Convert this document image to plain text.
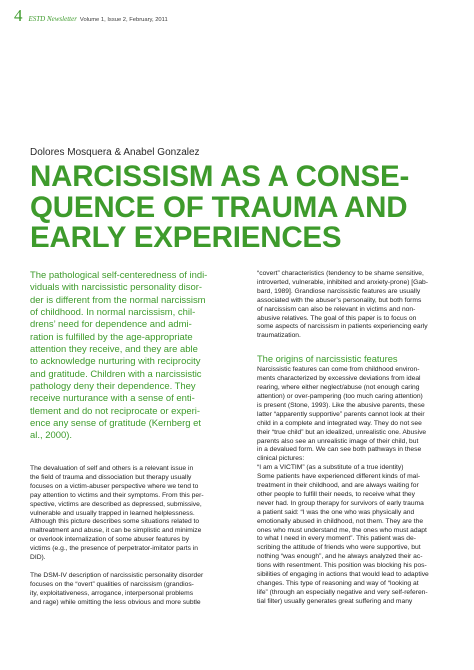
4 ESTD Newsletter Volume 1, Issue 2, February, 2011
Dolores Mosquera & Anabel Gonzalez
NARCISSISM AS A CONSE-
QUENCE OF TRAUMA AND
EARLY EXPERIENCES
The pathological self-centeredness of indi-
viduals with narcissistic personality disor-
der is different from the normal narcissism
of childhood. In normal narcissism, chil-
drens’ need for dependence and admi-
ration is fulfilled by the age-appropriate
attention they receive, and they are able
to acknowledge nurturing with reciprocity
and gratitude. Children with a narcissistic
pathology deny their dependence. They
receive nurturance with a sense of enti-
tlement and do not reciprocate or experi-
ence any sense of gratitude (Kernberg et
al., 2000).
The devaluation of self and others is a relevant issue in
the field of trauma and dissociation but therapy usually
focuses on a victim-abuser perspective where we tend to
pay attention to victims and their symptoms. From this per-
spective, victims are described as depressed, submissive,
vulnerable and usually trapped in learned helplessness.
Although this picture describes some situations related to
maltreatment and abuse, it can be simplistic and minimize
or overlook internalization of some abuser features by
victims (e.g., the presence of perpetrator-imitator parts in
DID).
The DSM-IV description of narcissistic personality disorder
focuses on the “overt” qualities of narcissism (grandios-
ity, exploitativeness, arrogance, interpersonal problems
and rage) while omitting the less obvious and more subtle
“covert” characteristics (tendency to be shame sensitive,
introverted, vulnerable, inhibited and anxiety-prone) [Gab-
bard, 1989]. Grandiose narcissistic features are usually
associated with the abuser’s personality, but both forms
of narcissism can also be relevant in victims and non-
abusive relatives. The goal of this paper is to focus on
some aspects of narcissism in patients experiencing early
traumatization.
The origins of narcissistic features
Narcissistic features can come from childhood environ-
ments characterized by excessive deviations from ideal
rearing, where either neglect/abuse (not enough caring
attention) or over-pampering (too much caring attention)
is present (Stone, 1993). Like the abusive parents, these
latter “apparently supportive” parents cannot look at their
child in a complete and integrated way. They do not see
their “true child” but an idealized, unrealistic one. Abusive
parents also see an unrealistic image of their child, but
in a devalued form. We can see both pathways in these
clinical pictures:
“I am a VICTIM” (as a substitute of a true identity)
Some patients have experienced different kinds of mal-
treatment in their childhood, and are always waiting for
other people to fulfill their needs, to receive what they
never had. In group therapy for survivors of early trauma
a patient said: “I was the one who was physically and
emotionally abused in childhood, not them. They are the
ones who must understand me, the ones who must adapt
to what I need in every moment”. This patient was de-
scribing the attitude of friends who were supportive, but
nothing “was enough”, and he always analyzed their ac-
tions with resentment. This position was blocking his pos-
sibilities of engaging in actions that would lead to adaptive
changes. This type of reasoning and way of “looking at
life” (through an especially negative and very self-referen-
tial filter) usually generates great suffering and many
